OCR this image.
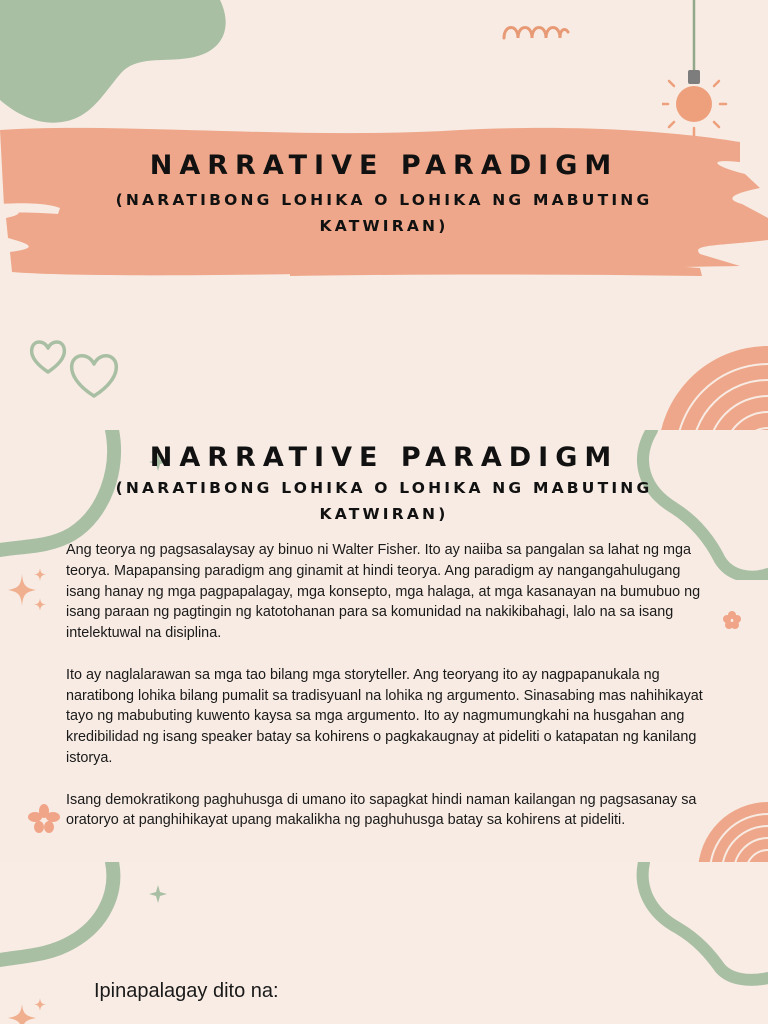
NARRATIVE PARADIGM
(NARATIBONG LOHIKA O LOHIKA NG MABUTING KATWIRAN)
NARRATIVE PARADIGM
(NARATIBONG LOHIKA O LOHIKA NG MABUTING KATWIRAN)

Ang teorya ng pagsasalaysay ay binuo ni Walter Fisher. Ito ay naiiba sa pangalan sa lahat ng mga teorya. Mapapansing paradigm ang ginamit at hindi teorya. Ang paradigm ay nangangahulugang isang hanay ng mga pagpapalagay, mga konsepto, mga halaga, at mga kasanayan na bumubuo ng isang paraan ng pagtingin ng katotohanan para sa komunidad na nakikibahagi, lalo na sa isang intelektuwal na disiplina.

Ito ay naglalarawan sa mga tao bilang mga storyteller. Ang teoryang ito ay nagpapanukala ng naratibong lohika bilang pumalit sa tradisyuanl na lohika ng argumento. Sinasabing mas nahihikayat tayo ng mabubuting kuwento kaysa sa mga argumento. Ito ay nagmumungkahi na husgahan ang kredibilidad ng isang speaker batay sa kohirens o pagkakaugnay at pideliti o katapatan ng kanilang istorya.

Isang demokratikong paghuhusga di umano ito sapagkat hindi naman kailangan ng pagsasanay sa oratoryo at panghihikayat upang makalikha ng paghuhusga batay sa kohirens at pideliti.

Ipinapalagay dito na:
